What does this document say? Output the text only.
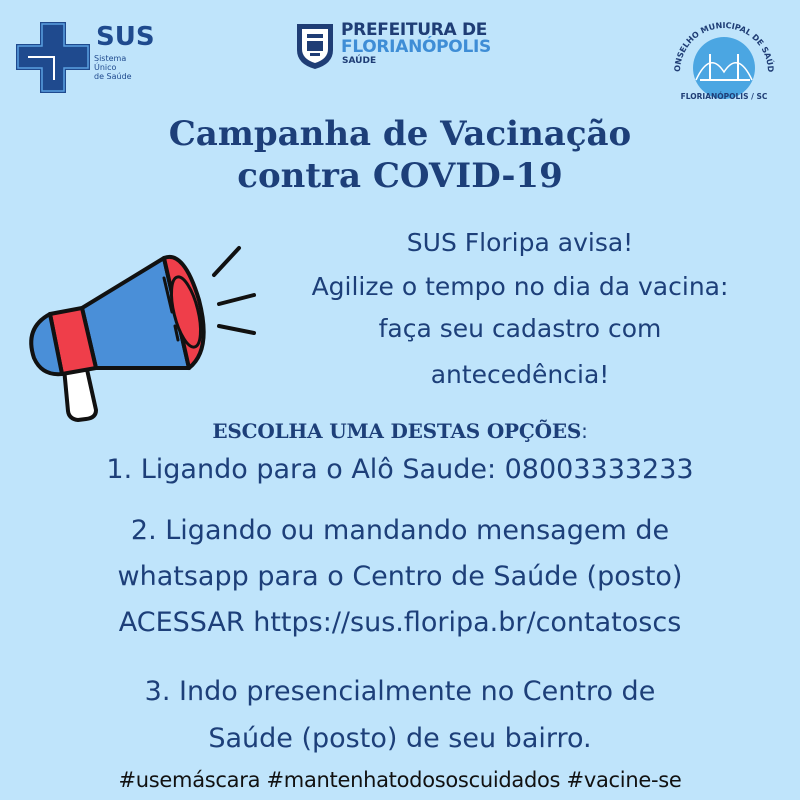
SUS
Sistema
Único
de Saúde
PREFEITURA DE
FLORIANÓPOLIS
SAÚDE
ONSELHO MUNICIPAL DE SAÚD
FLORIANÓPOLIS / SC
Campanha de Vacinação
contra COVID-19
SUS Floripa avisa!
Agilize o tempo no dia da vacina:
faça seu cadastro com
antecedência!
ESCOLHA UMA DESTAS OPÇÕES:
1. Ligando para o Alô Saude: 08003333233
2. Ligando ou mandando mensagem de
whatsapp para o Centro de Saúde (posto)
ACESSAR https://sus.floripa.br/contatoscs
3. Indo presencialmente no Centro de
Saúde (posto) de seu bairro.
#usemáscara #mantenhatodososcuidados #vacine-se
